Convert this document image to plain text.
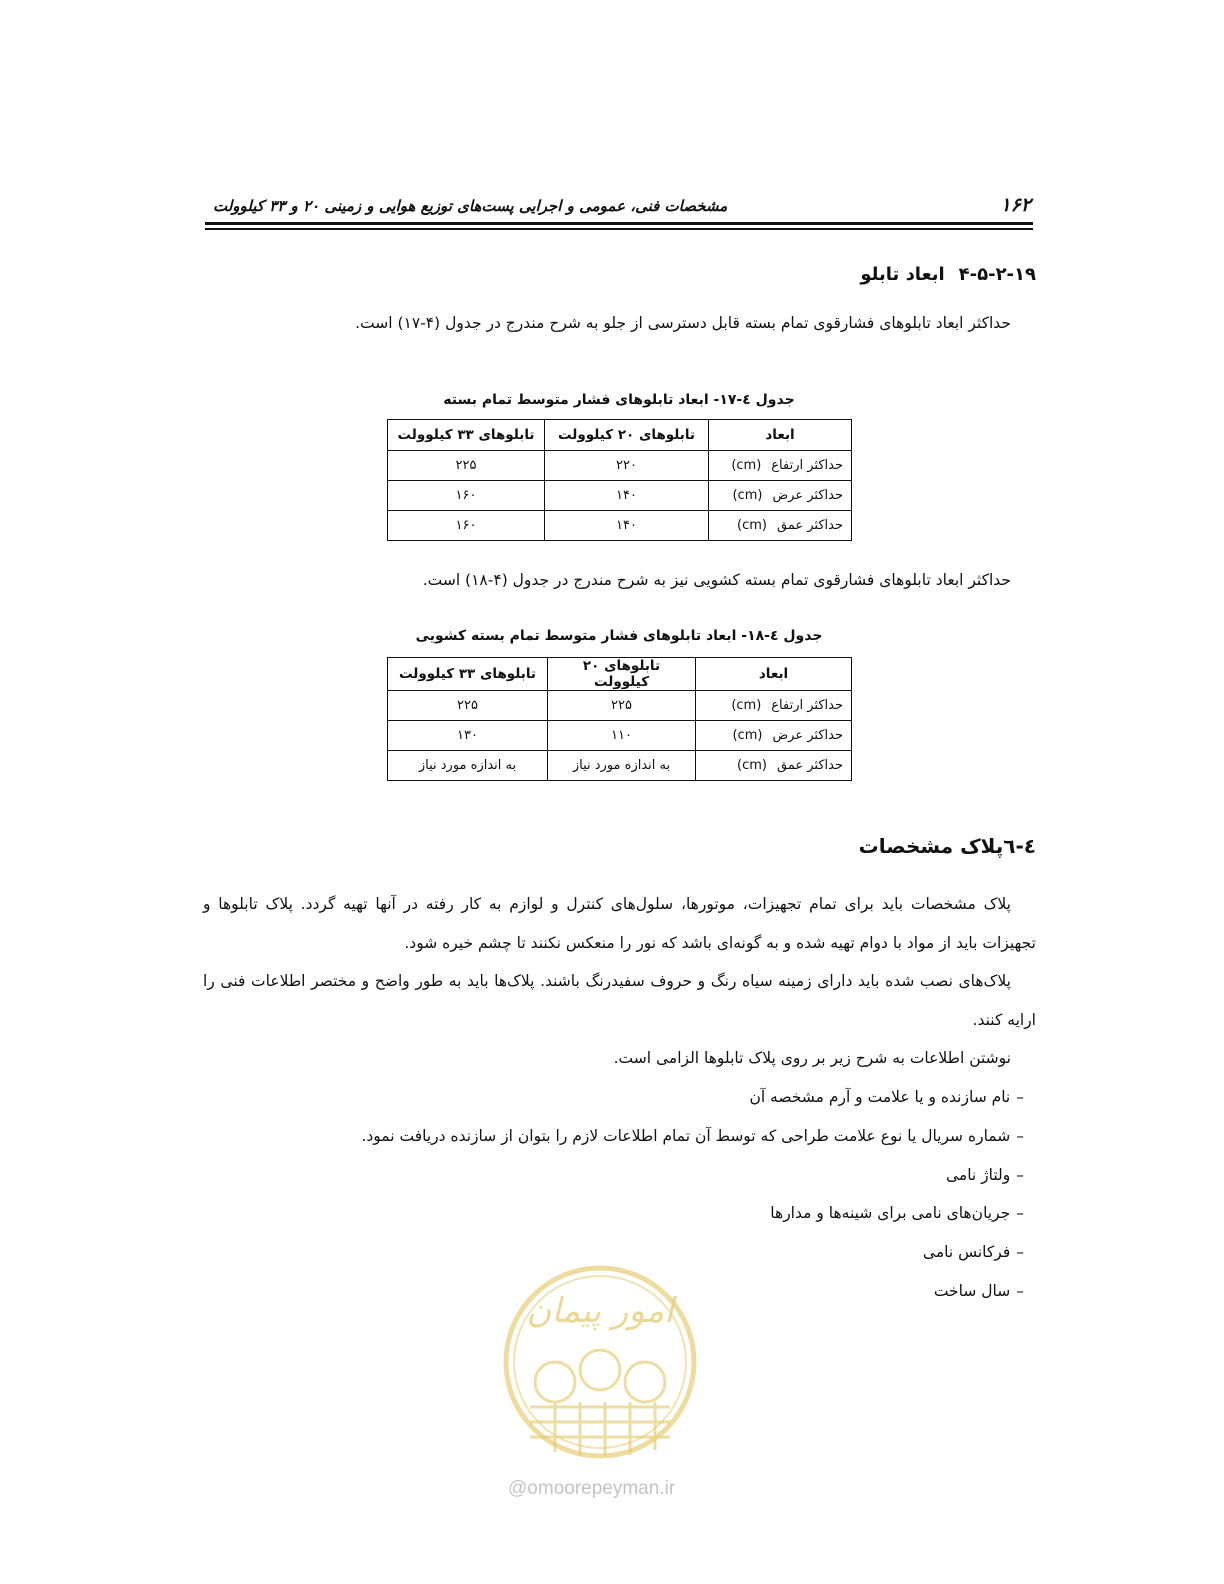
۱۶۲
مشخصات فنی، عمومی و اجرایی پست‌های توزیع هوایی و زمینی ۲۰ و ۳۳ کیلوولت
۴-۵-۲-۱۹ابعاد تابلو
حداکثر ابعاد تابلوهای فشارقوی تمام بسته قابل دسترسی از جلو به شرح مندرج در جدول (۴-۱۷) است.
جدول ٤-۱۷- ابعاد تابلوهای فشار متوسط تمام بسته
ابعاد	تابلوهای ۲۰ کیلوولت	تابلوهای ۳۳ کیلوولت
حداکثر ارتفاع(cm)	۲۲۰	۲۲۵
حداکثر عرض(cm)	۱۴۰	۱۶۰
حداکثر عمق(cm)	۱۴۰	۱۶۰
حداکثر ابعاد تابلوهای فشارقوی تمام بسته کشویی نیز به شرح مندرج در جدول (۴-۱۸) است.
جدول ٤-۱۸- ابعاد تابلوهای فشار متوسط تمام بسته کشویی
ابعاد	تابلوهای ۲۰ کیلوولت	تابلوهای ۳۳ کیلوولت
حداکثر ارتفاع(cm)	۲۲۵	۲۲۵
حداکثر عرض(cm)	۱۱۰	۱۳۰
حداکثر عمق(cm)	به اندازه مورد نیاز	به اندازه مورد نیاز
٤-٦پلاک مشخصات
پلاک مشخصات باید برای تمام تجهیزات، موتورها، سلول‌های کنترل و لوازم به کار رفته در آنها تهیه گردد. پلاک تابلوها و تجهیزات باید از مواد با دوام تهیه شده و به گونه‌ای باشد که نور را منعکس نکنند تا چشم خیره شود.
پلاک‌های نصب شده باید دارای زمینه سیاه رنگ و حروف سفیدرنگ باشند. پلاک‌ها باید به طور واضح و مختصر اطلاعات فنی را ارایه کنند.
نوشتن اطلاعات به شرح زیر بر روی پلاک تابلوها الزامی است.
–نام سازنده و یا علامت و آرم مشخصه آن
–شماره سریال یا نوع علامت طراحی که توسط آن تمام اطلاعات لازم را بتوان از سازنده دریافت نمود.
–ولتاژ نامی
–جریان‌های نامی برای شینه‌ها و مدارها
–فرکانس نامی
–سال ساخت
امور پیمان
@omoorepeyman.ir
